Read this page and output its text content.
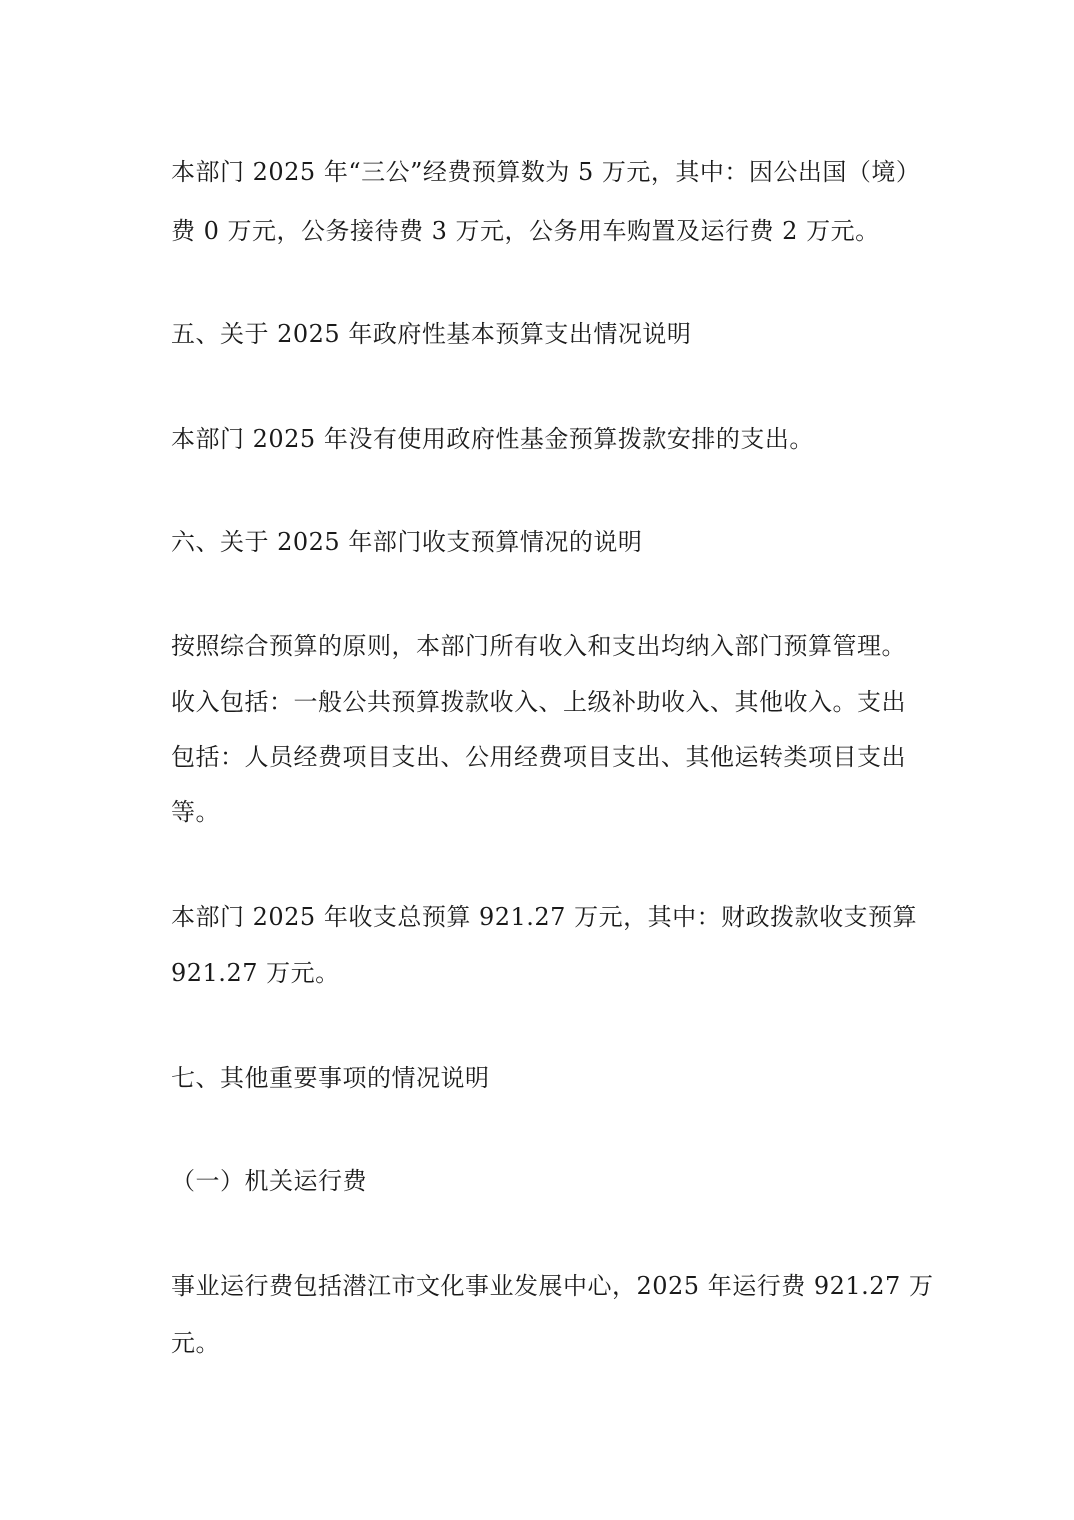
本部门 2025 年“三公”经费预算数为 5 万元，其中：因公出国（境）
费 0 万元，公务接待费 3 万元，公务用车购置及运行费 2 万元。
五、关于 2025 年政府性基本预算支出情况说明
本部门 2025 年没有使用政府性基金预算拨款安排的支出。
六、关于 2025 年部门收支预算情况的说明
按照综合预算的原则，本部门所有收入和支出均纳入部门预算管理。
收入包括：一般公共预算拨款收入、上级补助收入、其他收入。支出
包括：人员经费项目支出、公用经费项目支出、其他运转类项目支出
等。
本部门 2025 年收支总预算 921.27 万元，其中：财政拨款收支预算
921.27 万元。
七、其他重要事项的情况说明
（一）机关运行费
事业运行费包括潜江市文化事业发展中心，2025 年运行费 921.27 万
元。
